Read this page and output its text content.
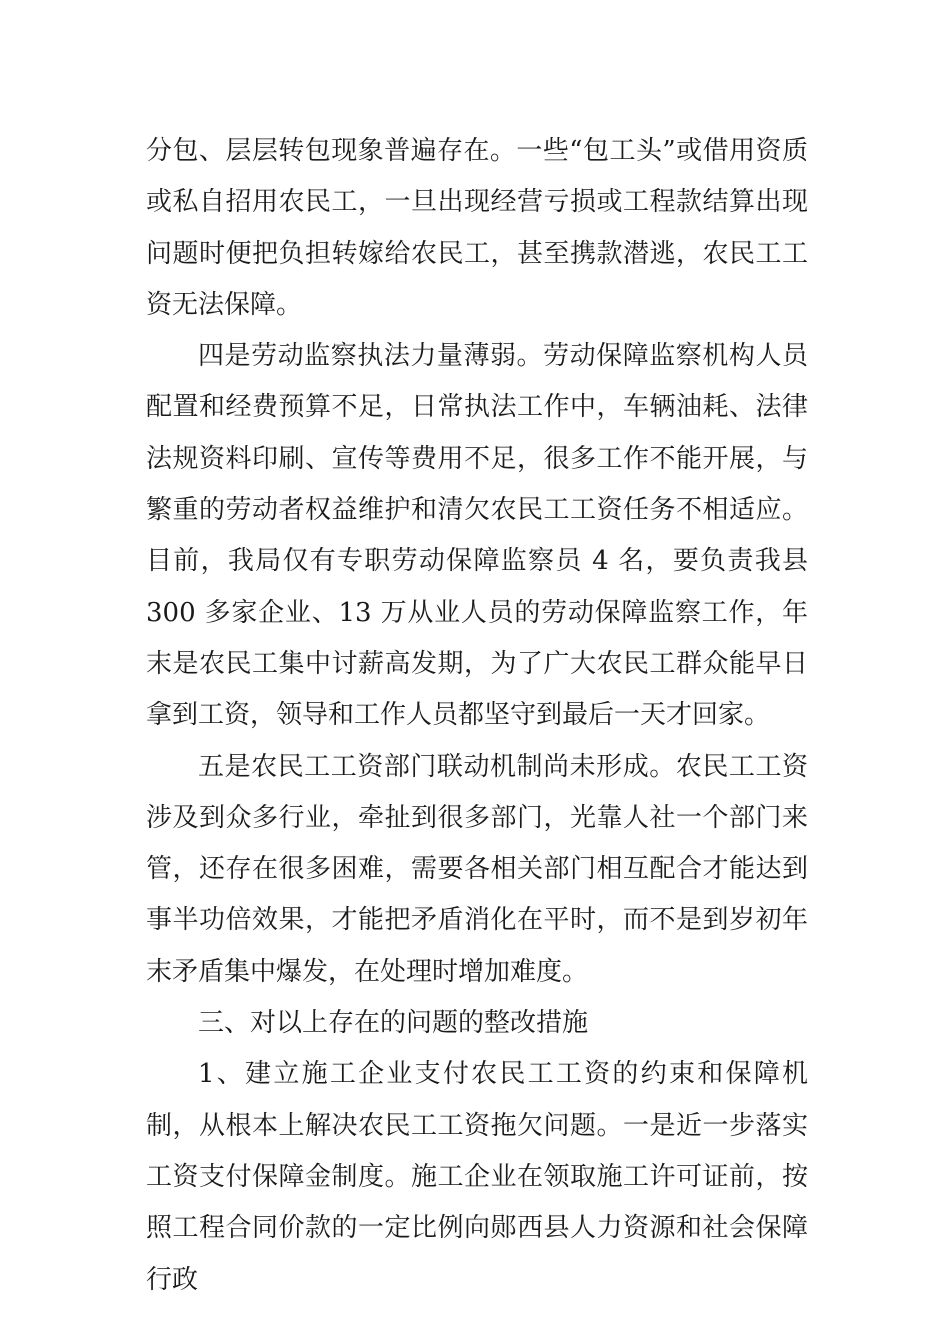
分包、层层转包现象普遍存在。一些“包工头”或借用资质或私自招用农民工，一旦出现经营亏损或工程款结算出现问题时便把负担转嫁给农民工，甚至携款潜逃，农民工工资无法保障。

四是劳动监察执法力量薄弱。劳动保障监察机构人员配置和经费预算不足，日常执法工作中，车辆油耗、法律法规资料印刷、宣传等费用不足，很多工作不能开展，与繁重的劳动者权益维护和清欠农民工工资任务不相适应。目前，我局仅有专职劳动保障监察员 4 名，要负责我县 300 多家企业、13 万从业人员的劳动保障监察工作，年末是农民工集中讨薪高发期，为了广大农民工群众能早日拿到工资，领导和工作人员都坚守到最后一天才回家。

五是农民工工资部门联动机制尚未形成。农民工工资涉及到众多行业，牵扯到很多部门，光靠人社一个部门来管，还存在很多困难，需要各相关部门相互配合才能达到事半功倍效果，才能把矛盾消化在平时，而不是到岁初年末矛盾集中爆发，在处理时增加难度。

三、对以上存在的问题的整改措施

1、建立施工企业支付农民工工资的约束和保障机制，从根本上解决农民工工资拖欠问题。一是近一步落实工资支付保障金制度。施工企业在领取施工许可证前，按照工程合同价款的一定比例向郧西县人力资源和社会保障行政
